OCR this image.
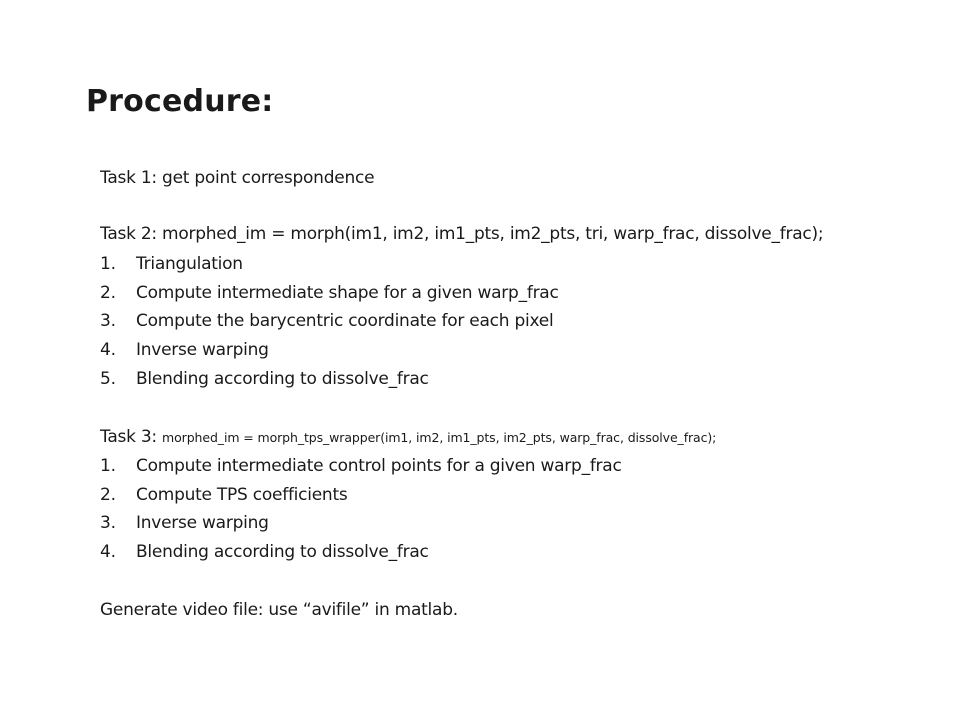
Procedure:
Task 1: get point correspondence
Task 2: morphed_im = morph(im1, im2, im1_pts, im2_pts, tri, warp_frac, dissolve_frac);
1.	Triangulation
2.	Compute intermediate shape for a given warp_frac
3.	Compute the barycentric coordinate for each pixel
4.	Inverse warping
5.	Blending according to dissolve_frac
Task 3: morphed_im = morph_tps_wrapper(im1, im2, im1_pts, im2_pts, warp_frac, dissolve_frac);
1.	Compute intermediate control points for a given warp_frac
2.	Compute TPS coefficients
3.	Inverse warping
4.	Blending according to dissolve_frac
Generate video file: use “avifile” in matlab.
